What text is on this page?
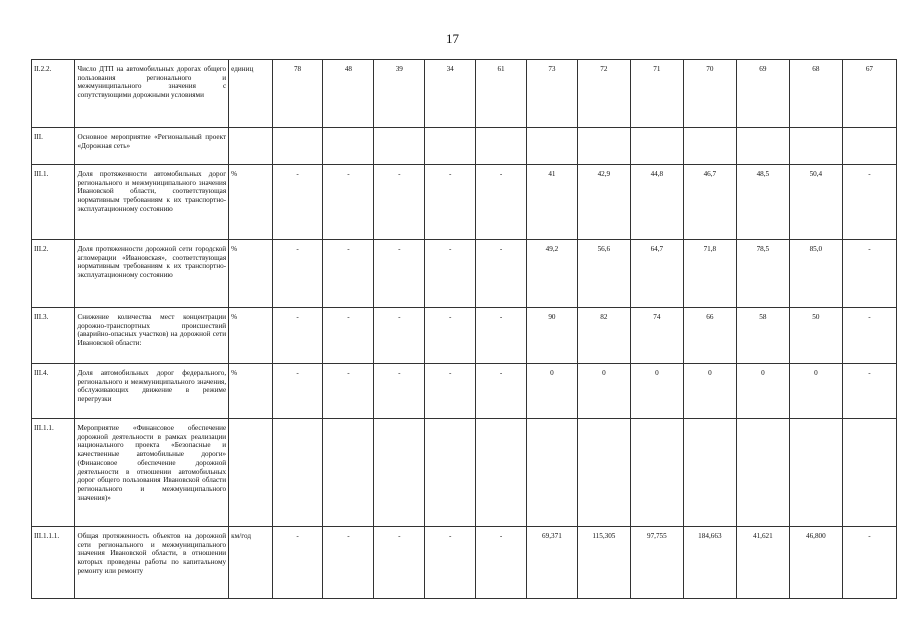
17
II.2.2.	Число ДТП на автомобильных дорогах общего пользования регионального и межмуниципального значения с сопутствующими дорожными условиями	единиц	78	48	39	34	61	73	72	71	70	69	68	67
III.	Основное мероприятие «Региональный проект «Дорожная сеть»													
III.1.	Доля протяженности автомобильных дорог регионального и межмуниципального значения Ивановской области, соответствующая нормативным требованиям к их транспортно-эксплуатационному состоянию	%	-	-	-	-	-	41	42,9	44,8	46,7	48,5	50,4	-
III.2.	Доля протяженности дорожной сети городской агломерации «Ивановская», соответствующая нормативным требованиям к их транспортно-эксплуатационному состоянию	%	-	-	-	-	-	49,2	56,6	64,7	71,8	78,5	85,0	-
III.3.	Снижение количества мест концентрации дорожно-транспортных происшествий (аварийно-опасных участков) на дорожной сети Ивановской области:	%	-	-	-	-	-	90	82	74	66	58	50	-
III.4.	Доля автомобильных дорог федерального, регионального и межмуниципального значения, обслуживающих движение в режиме перегрузки	%	-	-	-	-	-	0	0	0	0	0	0	-
III.1.1.	Мероприятие «Финансовое обеспечение дорожной деятельности в рамках реализации национального проекта «Безопасные и качественные автомобильные дороги» (Финансовое обеспечение дорожной деятельности в отношении автомобильных дорог общего пользования Ивановской области регионального и межмуниципального значения)»													
III.1.1.1.	Общая протяженность объектов на дорожной сети регионального и межмуниципального значения Ивановской области, в отношении которых проведены работы по капитальному ремонту или ремонту	км/год	-	-	-	-	-	69,371	115,305	97,755	184,663	41,621	46,800	-
